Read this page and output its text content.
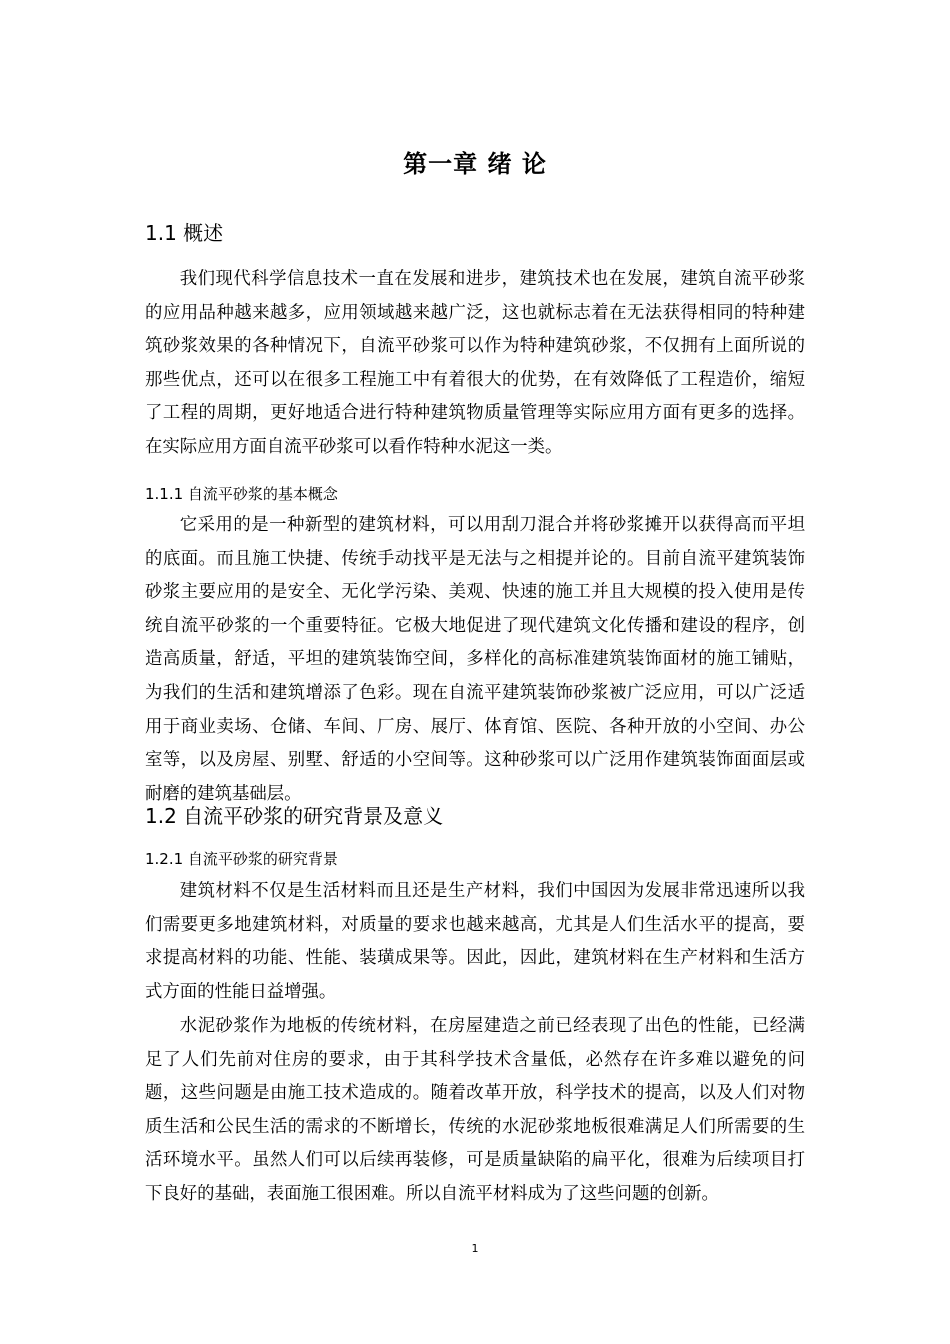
第一章 绪 论
1.1 概述

我们现代科学信息技术一直在发展和进步，建筑技术也在发展，建筑自流平砂浆的应用品种越来越多，应用领域越来越广泛，这也就标志着在无法获得相同的特种建筑砂浆效果的各种情况下，自流平砂浆可以作为特种建筑砂浆，不仅拥有上面所说的那些优点，还可以在很多工程施工中有着很大的优势，在有效降低了工程造价，缩短了工程的周期，更好地适合进行特种建筑物质量管理等实际应用方面有更多的选择。在实际应用方面自流平砂浆可以看作特种水泥这一类。

1.1.1 自流平砂浆的基本概念

它采用的是一种新型的建筑材料，可以用刮刀混合并将砂浆摊开以获得高而平坦的底面。而且施工快捷、传统手动找平是无法与之相提并论的。目前自流平建筑装饰砂浆主要应用的是安全、无化学污染、美观、快速的施工并且大规模的投入使用是传统自流平砂浆的一个重要特征。它极大地促进了现代建筑文化传播和建设的程序，创造高质量，舒适，平坦的建筑装饰空间，多样化的高标准建筑装饰面材的施工铺贴，为我们的生活和建筑增添了色彩。现在自流平建筑装饰砂浆被广泛应用，可以广泛适用于商业卖场、仓储、车间、厂房、展厅、体育馆、医院、各种开放的小空间、办公室等，以及房屋、别墅、舒适的小空间等。这种砂浆可以广泛用作建筑装饰面面层或耐磨的建筑基础层。

1.2 自流平砂浆的研究背景及意义
1.2.1 自流平砂浆的研究背景

建筑材料不仅是生活材料而且还是生产材料，我们中国因为发展非常迅速所以我们需要更多地建筑材料，对质量的要求也越来越高，尤其是人们生活水平的提高，要求提高材料的功能、性能、装璜成果等。因此，因此，建筑材料在生产材料和生活方式方面的性能日益增强。

水泥砂浆作为地板的传统材料，在房屋建造之前已经表现了出色的性能，已经满足了人们先前对住房的要求，由于其科学技术含量低，必然存在许多难以避免的问题，这些问题是由施工技术造成的。随着改革开放，科学技术的提高，以及人们对物质生活和公民生活的需求的不断增长，传统的水泥砂浆地板很难满足人们所需要的生活环境水平。虽然人们可以后续再装修，可是质量缺陷的扁平化，很难为后续项目打下良好的基础，表面施工很困难。所以自流平材料成为了这些问题的创新。

1
